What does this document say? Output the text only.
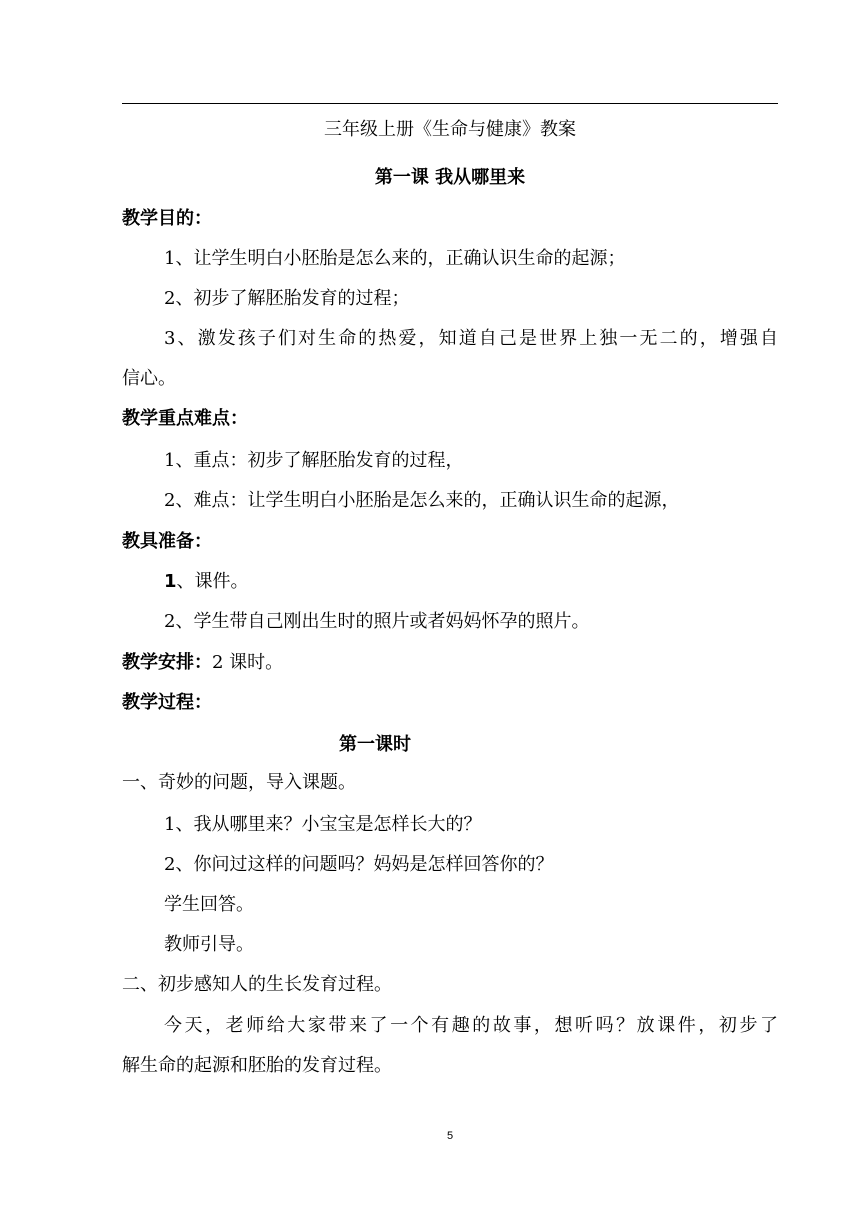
三年级上册《生命与健康》教案
第一课 我从哪里来
教学目的：
1、让学生明白小胚胎是怎么来的，正确认识生命的起源；
2、初步了解胚胎发育的过程；
3、激发孩子们对生命的热爱，知道自己是世界上独一无二的，增强自
信心。
教学重点难点：
1、重点：初步了解胚胎发育的过程，
2、难点：让学生明白小胚胎是怎么来的，正确认识生命的起源，
教具准备：
1、课件。
2、学生带自己刚出生时的照片或者妈妈怀孕的照片。
教学安排：2 课时。
教学过程：
第一课时
一、奇妙的问题，导入课题。
1、我从哪里来？小宝宝是怎样长大的？
2、你问过这样的问题吗？妈妈是怎样回答你的？
学生回答。
教师引导。
二、初步感知人的生长发育过程。
今天，老师给大家带来了一个有趣的故事，想听吗？放课件，初步了
解生命的起源和胚胎的发育过程。
5
